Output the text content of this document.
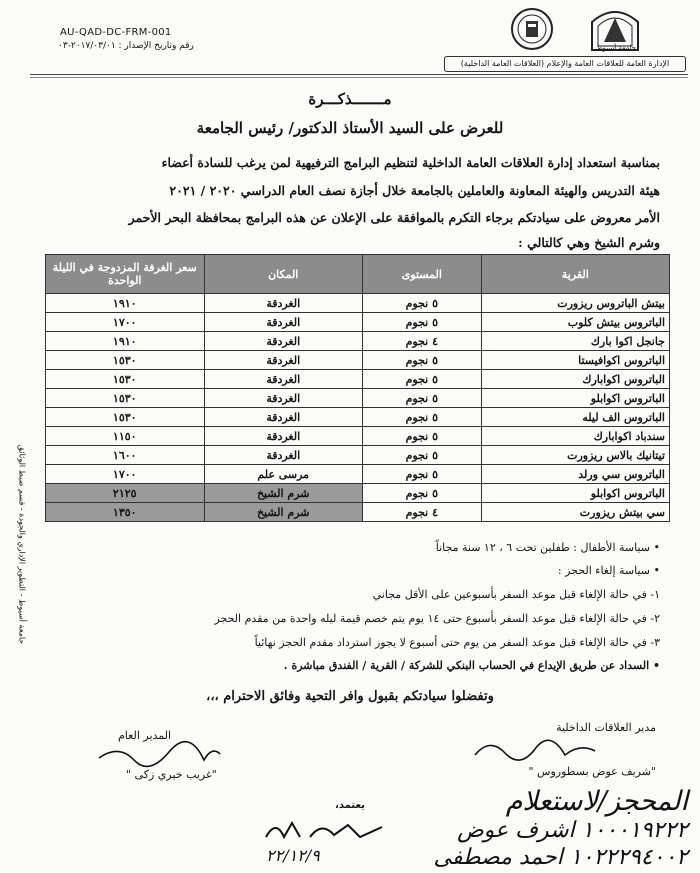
AU-QAD-DC-FRM-001
رقم وتاريخ الإصدار : ٢٠١٧/٠٣/٠١-٠٣	جامعة أسيوط
الإدارة العامة للعلاقات العامة والإعلام (العلاقات العامة الداخلية)
مـــــــذكـــرة
للعرض على السيد الأستاذ الدكتور/ رئيس الجامعة
بمناسبة استعداد إدارة العلاقات العامة الداخلية لتنظيم البرامج الترفيهية لمن يرغب للسادة أعضاء
هيئة التدريس والهيئة المعاونة والعاملين بالجامعة خلال أجازة نصف العام الدراسي ٢٠٢٠ / ٢٠٢١
الأمر معروض على سيادتكم برجاء التكرم بالموافقة على الإعلان عن هذه البرامج بمحافظة البحر الأحمر
وشرم الشيخ وهي كالتالي :
القرية	المستوى	المكان	سعر الغرفة المزدوجة في الليلة الواحدة
بيتش الباتروس ريزورت	٥ نجوم	الغردقة	١٩١٠
الباتروس بيتش كلوب	٥ نجوم	الغردقة	١٧٠٠
جانجل اكوا بارك	٤ نجوم	الغردقة	١٩١٠
الباتروس اكوافيستا	٥ نجوم	الغردقة	١٥٣٠
الباتروس اكوابارك	٥ نجوم	الغردقة	١٥٣٠
الباتروس اكوابلو	٥ نجوم	الغردقة	١٥٣٠
الباتروس الف ليله	٥ نجوم	الغردقة	١٥٣٠
سندباد اكوابارك	٥ نجوم	الغردقة	١١٥٠
تيتانيك بالاس ريزورت	٥ نجوم	الغردقة	١٦٠٠
الباتروس سي ورلد	٥ نجوم	مرسى علم	١٧٠٠
الباتروس اكوابلو	٥ نجوم	شرم الشيخ	٢١٢٥
سي بيتش ريزورت	٤ نجوم	شرم الشيخ	١٣٥٠
• سياسة الأطفال : طفلين تحت ٦ ، ١٢ سنة مجاناً
• سياسة إلغاء الحجز :
١- في حالة الإلغاء قبل موعد السفر بأسبوعين على الأقل مجاني
٢- في حالة الإلغاء قبل موعد السفر بأسبوع حتى ١٤ يوم يتم خصم قيمة ليله واحدة من مقدم الحجز
٣- في حالة الإلغاء قبل موعد السفر من يوم حتى أسبوع لا يجوز استرداد مقدم الحجز نهائياً
• السداد عن طريق الإيداع في الحساب البنكي للشركة / القرية / الفندق مباشرة .
وتفضلوا سيادتكم بقبول وافر التحية وفائق الاحترام ،،،
مدير العلاقات الداخلية
"شريف عوض بسطوروس "
المدير العام
"غريب خيري زكى "
يعتمد،	المحجز/لاستعلام
١٠٠٠١٩٢٢٢ اشرف عوض
١٠٢٢٢٩٤٠٠٢ احمد مصطفى
٢٢/١٢/٩
جامعة أسيوط - التطوير الإداري والجودة - قسم ضبط الوثائق
